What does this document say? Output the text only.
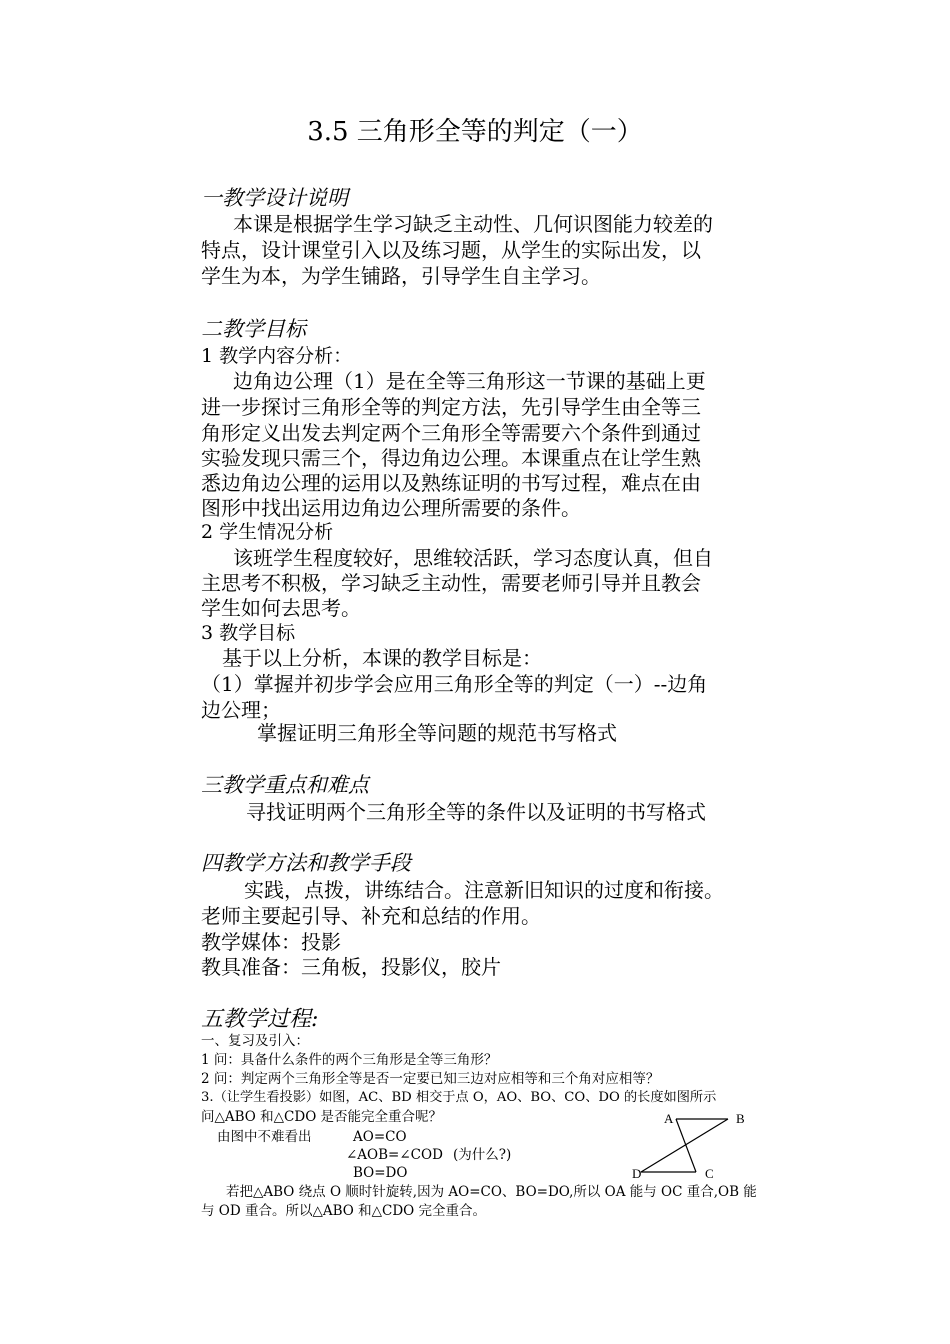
3.5 三角形全等的判定（一）
一教学设计说明
本课是根据学生学习缺乏主动性、几何识图能力较差的
特点，设计课堂引入以及练习题，从学生的实际出发，以
学生为本，为学生铺路，引导学生自主学习。
二教学目标
1 教学内容分析：
边角边公理（1）是在全等三角形这一节课的基础上更
进一步探讨三角形全等的判定方法，先引导学生由全等三
角形定义出发去判定两个三角形全等需要六个条件到通过
实验发现只需三个，得边角边公理。本课重点在让学生熟
悉边角边公理的运用以及熟练证明的书写过程，难点在由
图形中找出运用边角边公理所需要的条件。
2 学生情况分析
该班学生程度较好，思维较活跃，学习态度认真，但自
主思考不积极，学习缺乏主动性，需要老师引导并且教会
学生如何去思考。
3 教学目标
基于以上分析，本课的教学目标是：
（1）掌握并初步学会应用三角形全等的判定（一）--边角
边公理；
掌握证明三角形全等问题的规范书写格式
三教学重点和难点
寻找证明两个三角形全等的条件以及证明的书写格式
四教学方法和教学手段
实践，点拨，讲练结合。注意新旧知识的过度和衔接。
老师主要起引导、补充和总结的作用。
教学媒体：投影
教具准备：三角板，投影仪，胶片
五教学过程:
一、复习及引入：
1 问：具备什么条件的两个三角形是全等三角形？
2 问：判定两个三角形全等是否一定要已知三边对应相等和三个角对应相等？
3.（让学生看投影）如图，AC、BD 相交于点 O，AO、BO、CO、DO 的长度如图所示
问△ABO 和△CDO 是否能完全重合呢？
由图中不难看出	AO=CO
∠AOB=∠COD (为什么?)
BO=DO
若把△ABO 绕点 O 顺时针旋转,因为 AO=CO、BO=DO,所以 OA 能与 OC 重合,OB 能
与 OD 重合。所以△ABO 和△CDO 完全重合。
A	B
C
D
